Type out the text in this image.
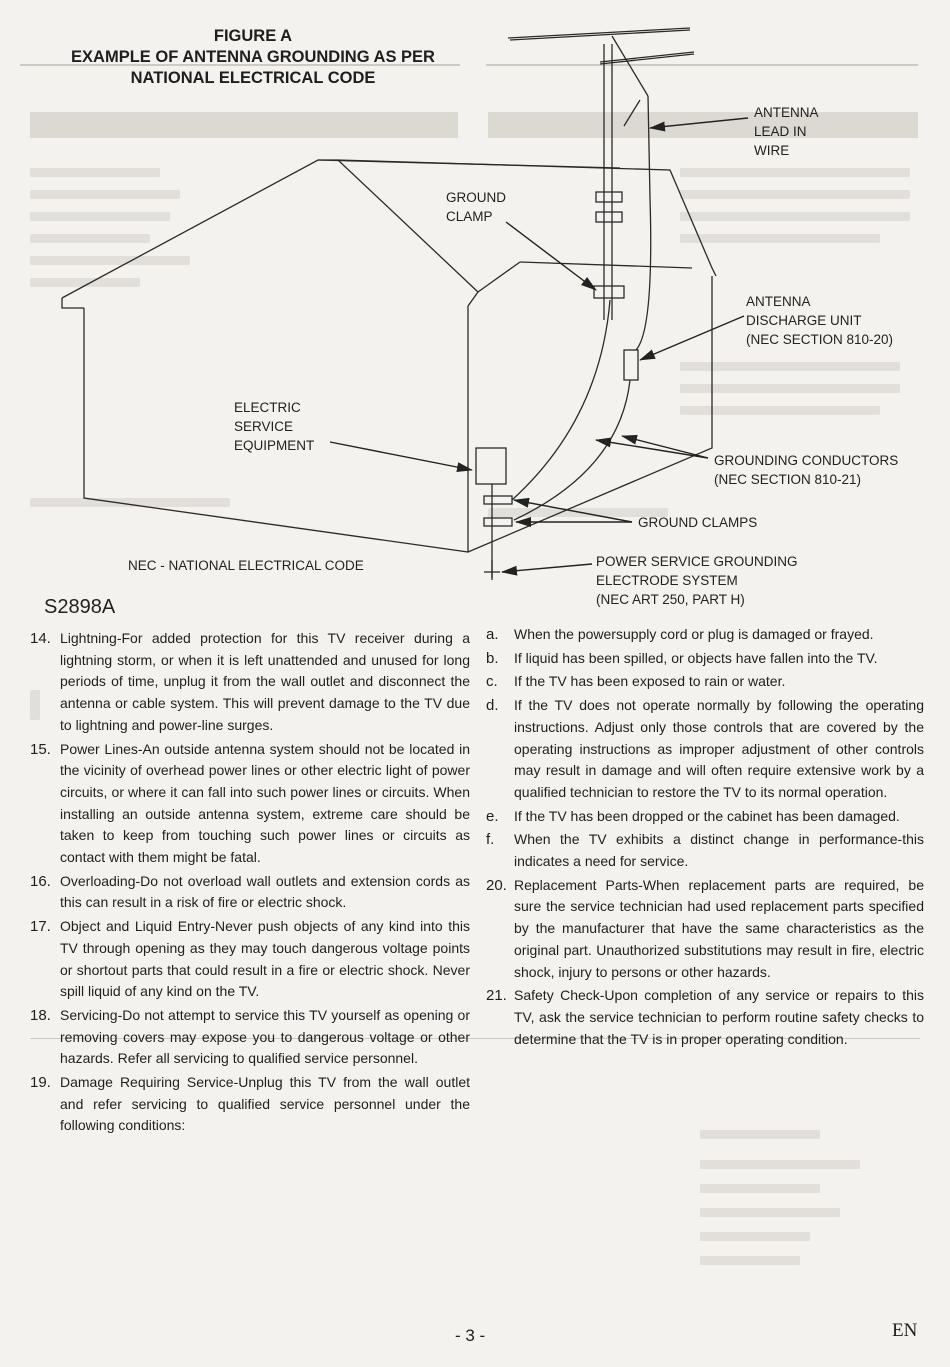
FIGURE A
EXAMPLE OF ANTENNA GROUNDING AS PER
NATIONAL ELECTRICAL CODE
ANTENNA
LEAD IN
WIRE
GROUND
CLAMP
ANTENNA
DISCHARGE UNIT
(NEC SECTION 810-20)
ELECTRIC
SERVICE
EQUIPMENT
GROUNDING CONDUCTORS
(NEC SECTION 810-21)
GROUND CLAMPS
POWER SERVICE GROUNDING
ELECTRODE SYSTEM
(NEC ART 250, PART H)
NEC - NATIONAL ELECTRICAL CODE
S2898A
14. Lightning-For added protection for this TV receiver during a lightning storm, or when it is left unattended and unused for long periods of time, unplug it from the wall outlet and disconnect the antenna or cable system. This will prevent damage to the TV due to lightning and power-line surges.
15. Power Lines-An outside antenna system should not be located in the vicinity of overhead power lines or other electric light of power circuits, or where it can fall into such power lines or circuits. When installing an outside antenna system, extreme care should be taken to keep from touching such power lines or circuits as contact with them might be fatal.
16. Overloading-Do not overload wall outlets and extension cords as this can result in a risk of fire or electric shock.
17. Object and Liquid Entry-Never push objects of any kind into this TV through opening as they may touch dangerous voltage points or shortout parts that could result in a fire or electric shock. Never spill liquid of any kind on the TV.
18. Servicing-Do not attempt to service this TV yourself as opening or removing covers may expose you to dangerous voltage or other hazards. Refer all servicing to qualified service personnel.
19. Damage Requiring Service-Unplug this TV from the wall outlet and refer servicing to qualified service personnel under the following conditions:
a. When the powersupply cord or plug is damaged or frayed.
b. If liquid has been spilled, or objects have fallen into the TV.
c. If the TV has been exposed to rain or water.
d. If the TV does not operate normally by following the operating instructions. Adjust only those controls that are covered by the operating instructions as improper adjustment of other controls may result in damage and will often require extensive work by a qualified technician to restore the TV to its normal operation.
e. If the TV has been dropped or the cabinet has been damaged.
f. When the TV exhibits a distinct change in performance-this indicates a need for service.
20. Replacement Parts-When replacement parts are required, be sure the service technician had used replacement parts specified by the manufacturer that have the same characteristics as the original part. Unauthorized substitutions may result in fire, electric shock, injury to persons or other hazards.
21. Safety Check-Upon completion of any service or repairs to this TV, ask the service technician to perform routine safety checks to determine that the TV is in proper operating condition.
- 3 -	EN
